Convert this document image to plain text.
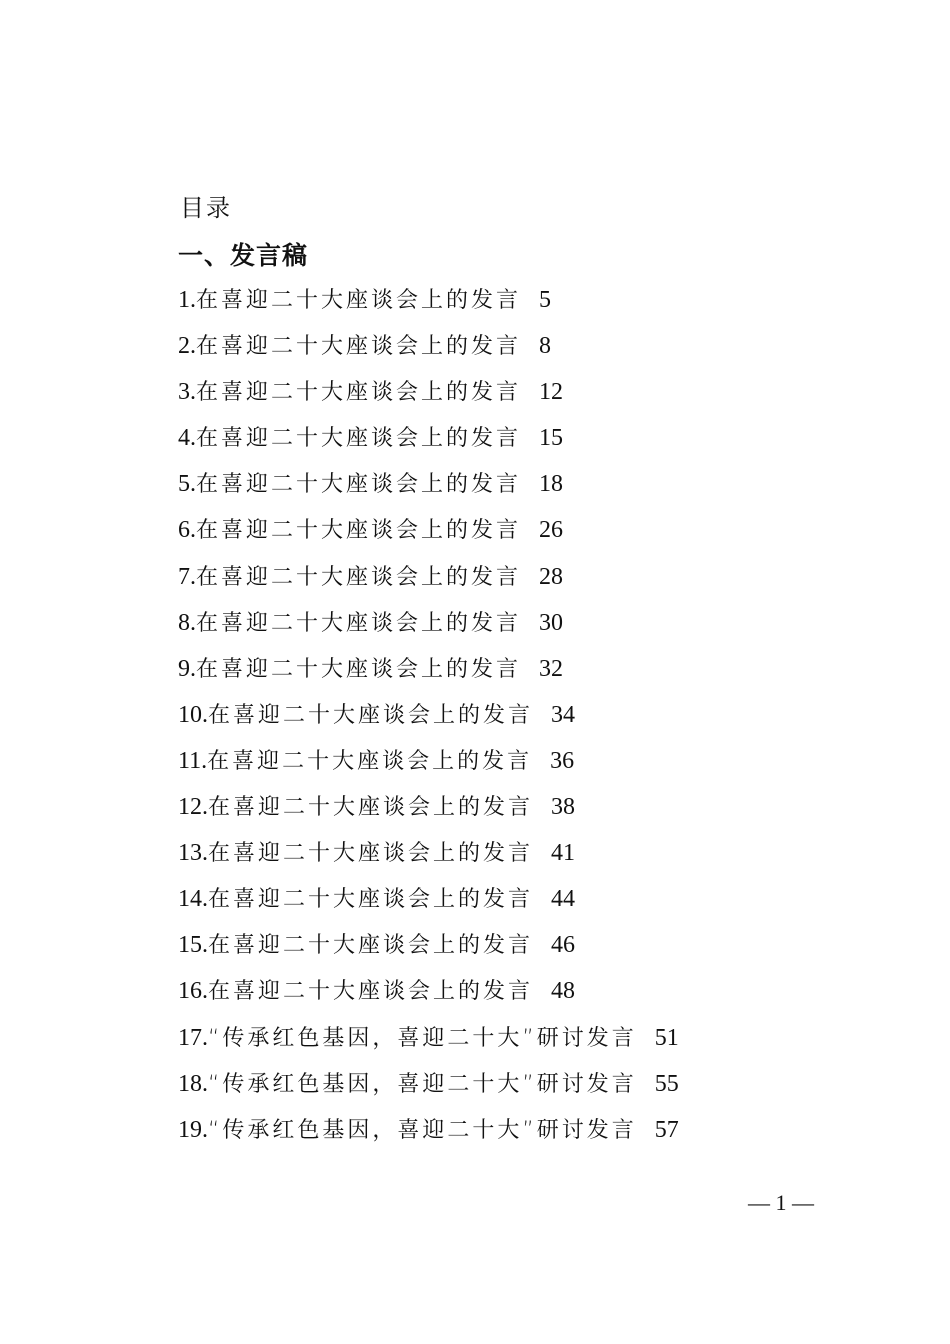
目录
一、发言稿
1.在喜迎二十大座谈会上的发言 5
2.在喜迎二十大座谈会上的发言 8
3.在喜迎二十大座谈会上的发言 12
4.在喜迎二十大座谈会上的发言 15
5.在喜迎二十大座谈会上的发言 18
6.在喜迎二十大座谈会上的发言 26
7.在喜迎二十大座谈会上的发言 28
8.在喜迎二十大座谈会上的发言 30
9.在喜迎二十大座谈会上的发言 32
10.在喜迎二十大座谈会上的发言 34
11.在喜迎二十大座谈会上的发言 36
12.在喜迎二十大座谈会上的发言 38
13.在喜迎二十大座谈会上的发言 41
14.在喜迎二十大座谈会上的发言 44
15.在喜迎二十大座谈会上的发言 46
16.在喜迎二十大座谈会上的发言 48
17.“传承红色基因，喜迎二十大”研讨发言 51
18.“传承红色基因，喜迎二十大”研讨发言 55
19.“传承红色基因，喜迎二十大”研讨发言 57
— 1 —
